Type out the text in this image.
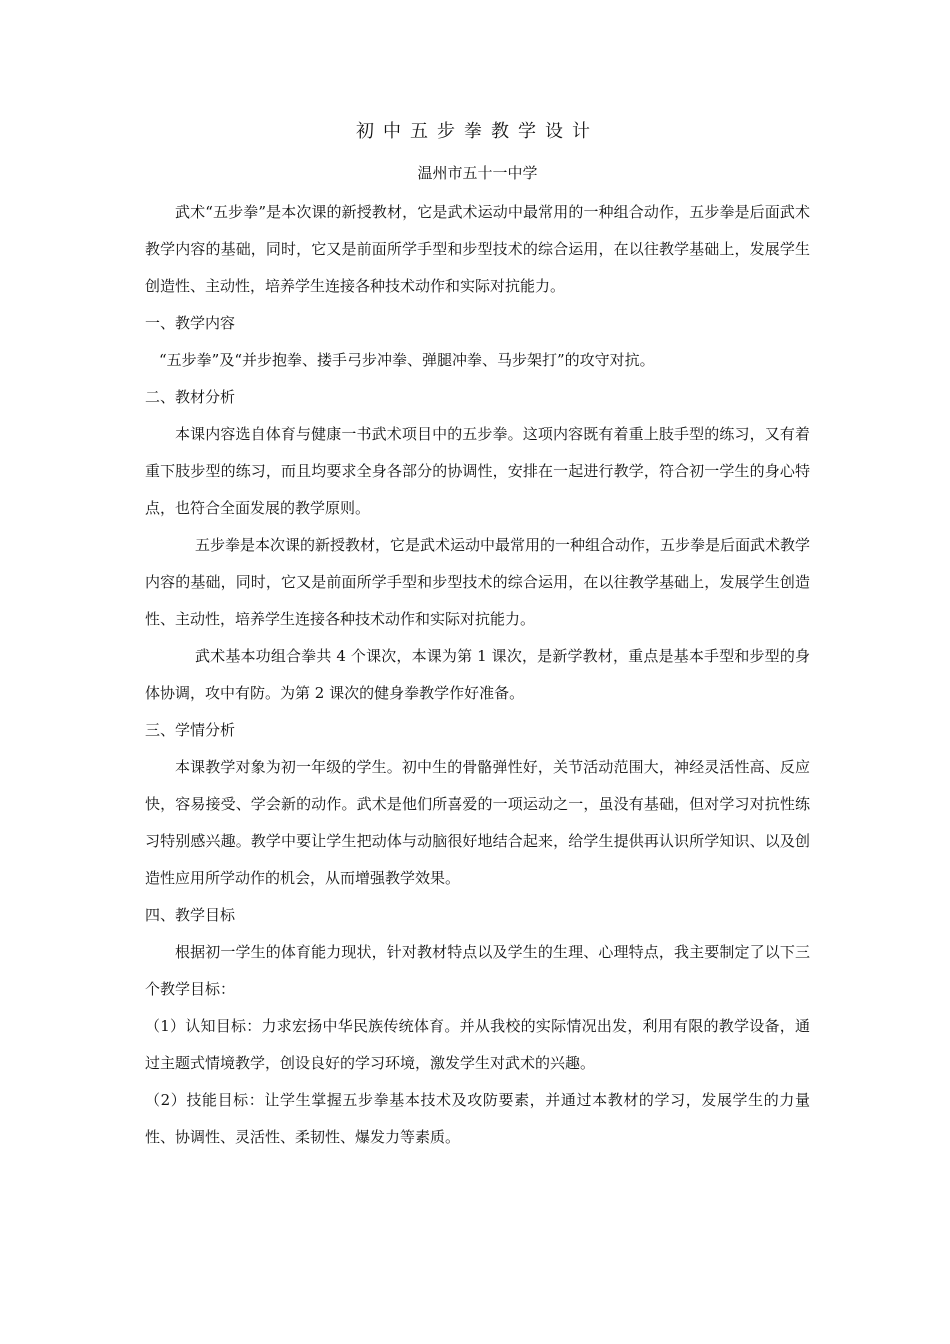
初中五步拳教学设计

温州市五十一中学

武术“五步拳”是本次课的新授教材，它是武术运动中最常用的一种组合动作，五步拳是后面武术教学内容的基础，同时，它又是前面所学手型和步型技术的综合运用，在以往教学基础上，发展学生创造性、主动性，培养学生连接各种技术动作和实际对抗能力。

一、教学内容

“五步拳”及“并步抱拳、搂手弓步冲拳、弹腿冲拳、马步架打”的攻守对抗。

二、教材分析

本课内容选自体育与健康一书武术项目中的五步拳。这项内容既有着重上肢手型的练习，又有着重下肢步型的练习，而且均要求全身各部分的协调性，安排在一起进行教学，符合初一学生的身心特点，也符合全面发展的教学原则。

五步拳是本次课的新授教材，它是武术运动中最常用的一种组合动作，五步拳是后面武术教学内容的基础，同时，它又是前面所学手型和步型技术的综合运用，在以往教学基础上，发展学生创造性、主动性，培养学生连接各种技术动作和实际对抗能力。

武术基本功组合拳共 4 个课次，本课为第 1 课次，是新学教材，重点是基本手型和步型的身体协调，攻中有防。为第 2 课次的健身拳教学作好准备。

三、学情分析

本课教学对象为初一年级的学生。初中生的骨骼弹性好，关节活动范围大，神经灵活性高、反应快，容易接受、学会新的动作。武术是他们所喜爱的一项运动之一，虽没有基础，但对学习对抗性练习特别感兴趣。教学中要让学生把动体与动脑很好地结合起来，给学生提供再认识所学知识、以及创造性应用所学动作的机会，从而增强教学效果。

四、教学目标

根据初一学生的体育能力现状，针对教材特点以及学生的生理、心理特点，我主要制定了以下三个教学目标：

（1）认知目标：力求宏扬中华民族传统体育。并从我校的实际情况出发，利用有限的教学设备，通过主题式情境教学，创设良好的学习环境，激发学生对武术的兴趣。

（2）技能目标：让学生掌握五步拳基本技术及攻防要素，并通过本教材的学习，发展学生的力量性、协调性、灵活性、柔韧性、爆发力等素质。
